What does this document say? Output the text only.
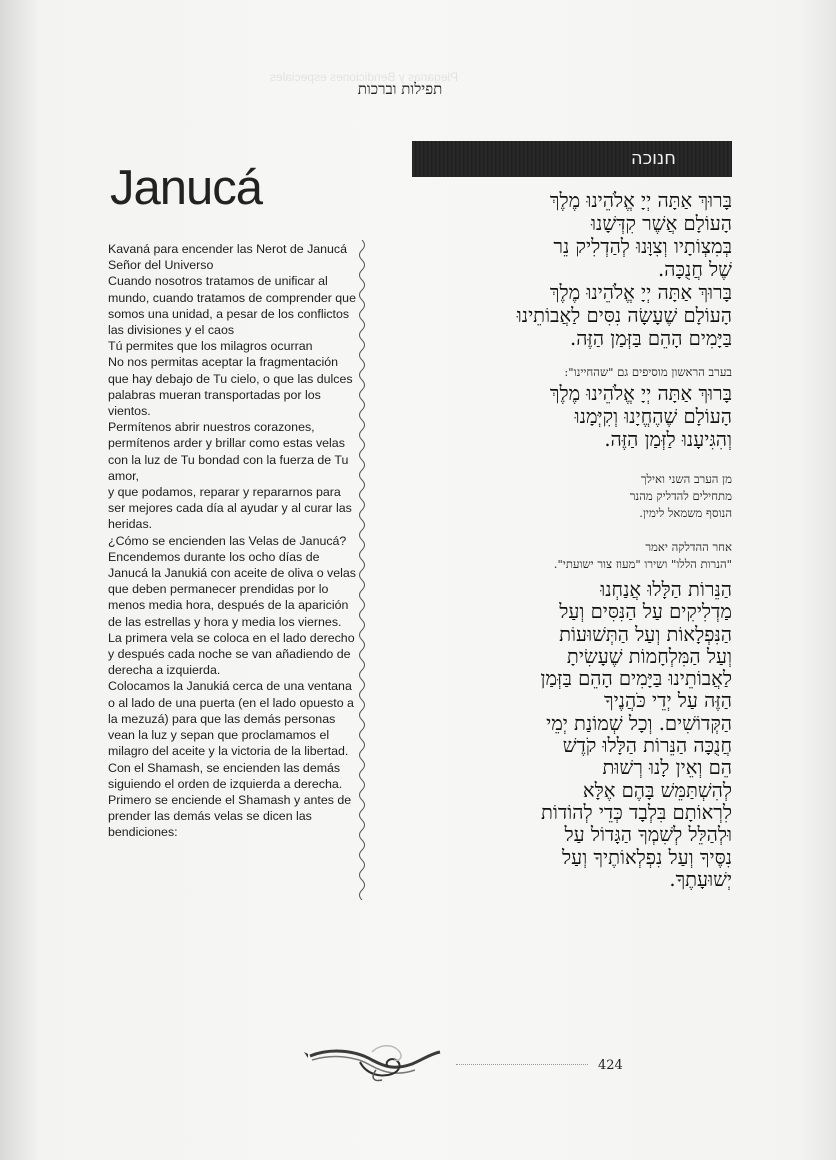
Plegarias y Bendiciones especiales
תפילות וברכות
Janucá

Kavaná para encender las Nerot de Janucá

Señor del Universo

Cuando nosotros tratamos de unificar al mundo, cuando tratamos de comprender que somos una unidad, a pesar de los conflictos las divisiones y el caos

Tú permites que los milagros ocurran

No nos permitas aceptar la fragmentación que hay debajo de Tu cielo, o que las dulces palabras mueran transportadas por los vientos.

Permítenos abrir nuestros corazones, permítenos arder y brillar como estas velas con la luz de Tu bondad con la fuerza de Tu amor,

y que podamos, reparar y repararnos para ser mejores cada día al ayudar y al curar las heridas.

¿Cómo se encienden las Velas de Janucá?

Encendemos durante los ocho días de Janucá la Janukiá con aceite de oliva o velas que deben permanecer prendidas por lo menos media hora, después de la aparición de las estrellas y hora y media los viernes.

La primera vela se coloca en el lado derecho y después cada noche se van añadiendo de derecha a izquierda.

Colocamos la Janukiá cerca de una ventana o al lado de una puerta (en el lado opuesto a la mezuzá) para que las demás personas vean la luz y sepan que proclamamos el milagro del aceite y la victoria de la libertad.

Con el Shamash, se encienden las demás siguiendo el orden de izquierda a derecha.

Primero se enciende el Shamash y antes de prender las demás velas se dicen las bendiciones:

חנוכה
בָּרוּךְ אַתָּה יְיָ אֱלֹהֵינוּ מֶלֶךְ
הָעוֹלָם אֲשֶׁר קִדְּשָׁנוּ
בְּמִצְוֹתָיו וְצִוָּנוּ לְהַדְלִיק נֵר
שֶׁל חֲנֻכָּה.
בָּרוּךְ אַתָּה יְיָ אֱלֹהֵינוּ מֶלֶךְ
הָעוֹלָם שֶׁעָשָׂה נִסִּים לַאֲבוֹתֵינוּ
בַּיָּמִים הָהֵם בַּזְּמַן הַזֶּה.
בערב הראשון מוסיפים גם "שהחיינו":
בָּרוּךְ אַתָּה יְיָ אֱלֹהֵינוּ מֶלֶךְ
הָעוֹלָם שֶׁהֶחֱיָנוּ וְקִיְּמָנוּ
וְהִגִּיעָנוּ לַזְּמַן הַזֶּה.
מן הערב השני ואילך
מתחילים להדליק מהנר
הנוסף משמאל לימין.
אחר ההדלקה יאמר
"הנרות הללו" ושירו "מעוז צור ישועתי".
הַנֵּרוֹת הַלָּלוּ אֲנַחְנוּ
מַדְלִיקִים עַל הַנִּסִּים וְעַל
הַנִּפְלָאוֹת וְעַל הַתְּשׁוּעוֹת
וְעַל הַמִּלְחָמוֹת שֶׁעָשִׂיתָ
לַאֲבוֹתֵינוּ בַּיָּמִים הָהֵם בַּזְּמַן
הַזֶּה עַל יְדֵי כֹּהֲנֶיךָ
הַקְּדוֹשִׁים. וְכָל שְׁמוֹנַת יְמֵי
חֲנֻכָּה הַנֵּרוֹת הַלָּלוּ קֹדֶשׁ
הֵם וְאֵין לָנוּ רְשׁוּת
לְהִשְׁתַּמֵּשׁ בָּהֶם אֶלָּא
לִרְאוֹתָם בִּלְבָד כְּדֵי לְהוֹדוֹת
וּלְהַלֵּל לְשִׁמְךָ הַגָּדוֹל עַל
נִסֶּיךָ וְעַל נִפְלְאוֹתֶיךָ וְעַל
יְשׁוּעָתֶךָ.
424
